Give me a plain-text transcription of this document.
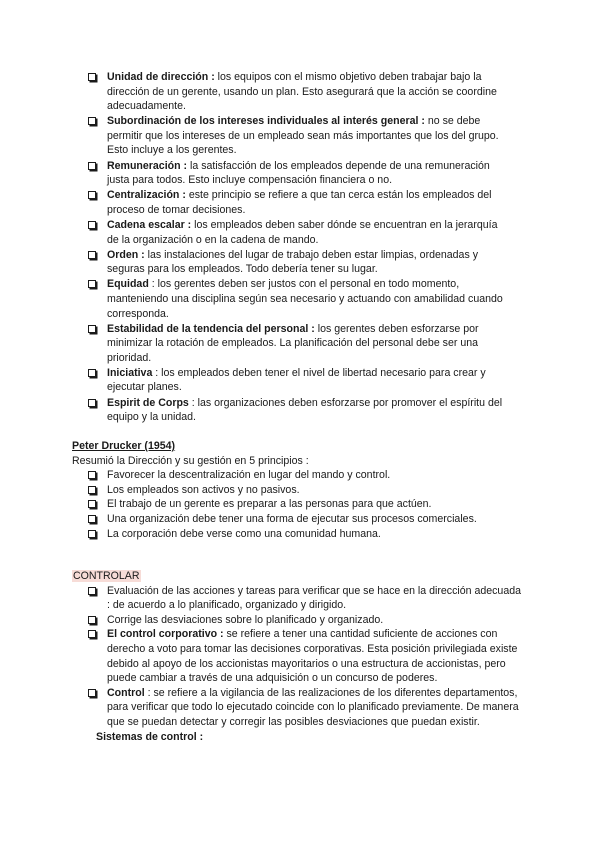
Unidad de dirección : los equipos con el mismo objetivo deben trabajar bajo la dirección de un gerente, usando un plan. Esto asegurará que la acción se coordine adecuadamente.
Subordinación de los intereses individuales al interés general : no se debe permitir que los intereses de un empleado sean más importantes que los del grupo. Esto incluye a los gerentes.
Remuneración : la satisfacción de los empleados depende de una remuneración justa para todos. Esto incluye compensación financiera o no.
Centralización : este principio se refiere a que tan cerca están los empleados del proceso de tomar decisiones.
Cadena escalar : los empleados deben saber dónde se encuentran en la jerarquía de la organización o en la cadena de mando.
Orden : las instalaciones del lugar de trabajo deben estar limpias, ordenadas y seguras para los empleados. Todo debería tener su lugar.
Equidad : los gerentes deben ser justos con el personal en todo momento, manteniendo una disciplina según sea necesario y actuando con amabilidad cuando corresponda.
Estabilidad de la tendencia del personal : los gerentes deben esforzarse por minimizar la rotación de empleados. La planificación del personal debe ser una prioridad.
Iniciativa : los empleados deben tener el nivel de libertad necesario para crear y ejecutar planes.
Espirit de Corps : las organizaciones deben esforzarse por promover el espíritu del equipo y la unidad.
Peter Drucker (1954)
Resumió la Dirección y su gestión en 5 principios :
Favorecer la descentralización en lugar del mando y control.
Los empleados son activos y no pasivos.
El trabajo de un gerente es preparar a las personas para que actúen.
Una organización debe tener una forma de ejecutar sus procesos comerciales.
La corporación debe verse como una comunidad humana.
CONTROLAR
Evaluación de las acciones y tareas para verificar que se hace en la dirección adecuada : de acuerdo a lo planificado, organizado y dirigido.
Corrige las desviaciones sobre lo planificado y organizado.
El control corporativo : se refiere a tener una cantidad suficiente de acciones con derecho a voto para tomar las decisiones corporativas. Esta posición privilegiada existe debido al apoyo de los accionistas mayoritarios o una estructura de accionistas, pero puede cambiar a través de una adquisición o un concurso de poderes.
Control : se refiere a la vigilancia de las realizaciones de los diferentes departamentos, para verificar que todo lo ejecutado coincide con lo planificado previamente. De manera que se puedan detectar y corregir las posibles desviaciones que puedan existir.
Sistemas de control :
